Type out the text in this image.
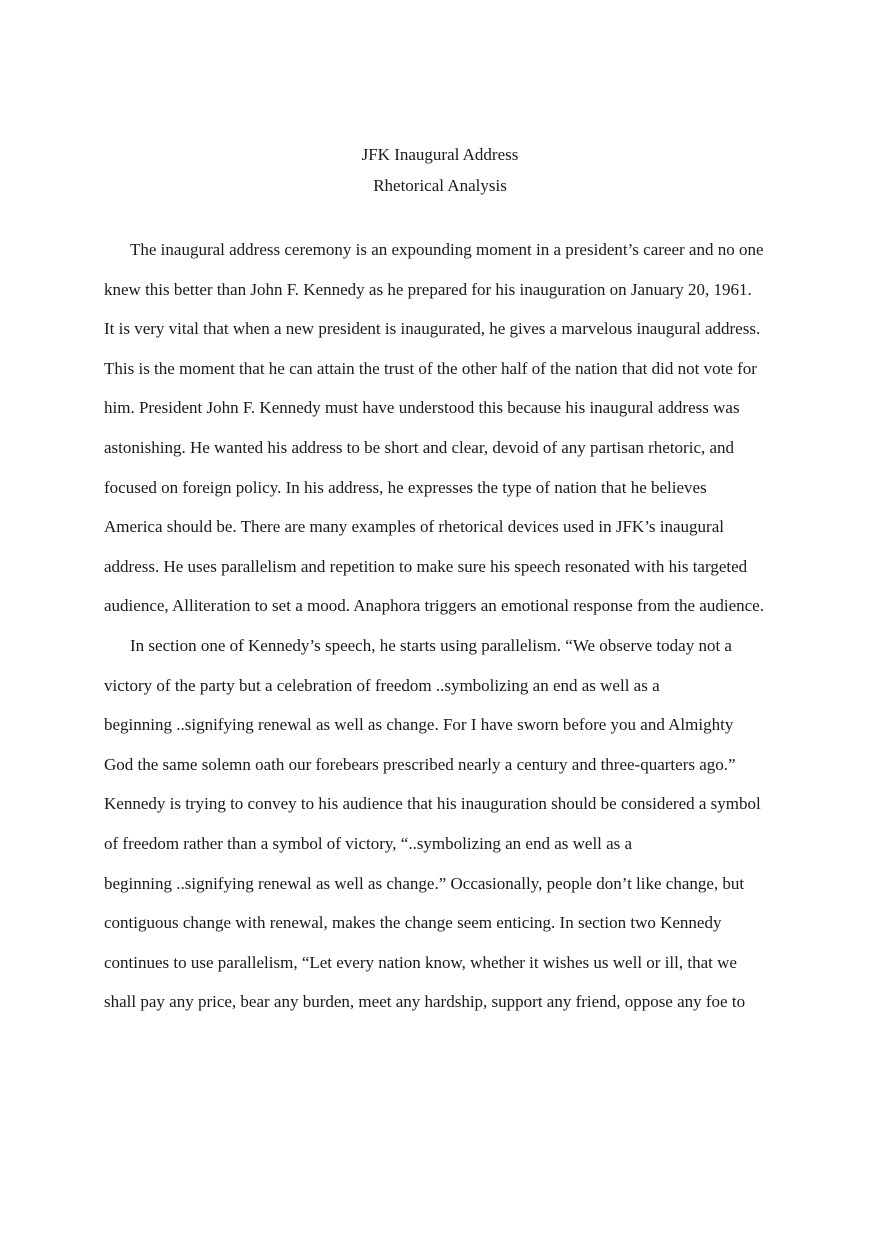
JFK Inaugural Address
Rhetorical Analysis
The inaugural address ceremony is an expounding moment in a president’s career and no one
knew this better than John F. Kennedy as he prepared for his inauguration on January 20, 1961.
It is very vital that when a new president is inaugurated, he gives a marvelous inaugural address.
This is the moment that he can attain the trust of the other half of the nation that did not vote for
him. President John F. Kennedy must have understood this because his inaugural address was
astonishing. He wanted his address to be short and clear, devoid of any partisan rhetoric, and
focused on foreign policy. In his address, he expresses the type of nation that he believes
America should be. There are many examples of rhetorical devices used in JFK’s inaugural
address. He uses parallelism and repetition to make sure his speech resonated with his targeted
audience, Alliteration to set a mood. Anaphora triggers an emotional response from the audience.
In section one of Kennedy’s speech, he starts using parallelism. “We observe today not a
victory of the party but a celebration of freedom ..symbolizing an end as well as a
beginning ..signifying renewal as well as change. For I have sworn before you and Almighty
God the same solemn oath our forebears prescribed nearly a century and three-quarters ago.”
Kennedy is trying to convey to his audience that his inauguration should be considered a symbol
of freedom rather than a symbol of victory, “..symbolizing an end as well as a
beginning ..signifying renewal as well as change.” Occasionally, people don’t like change, but
contiguous change with renewal, makes the change seem enticing. In section two Kennedy
continues to use parallelism, “Let every nation know, whether it wishes us well or ill, that we
shall pay any price, bear any burden, meet any hardship, support any friend, oppose any foe to
